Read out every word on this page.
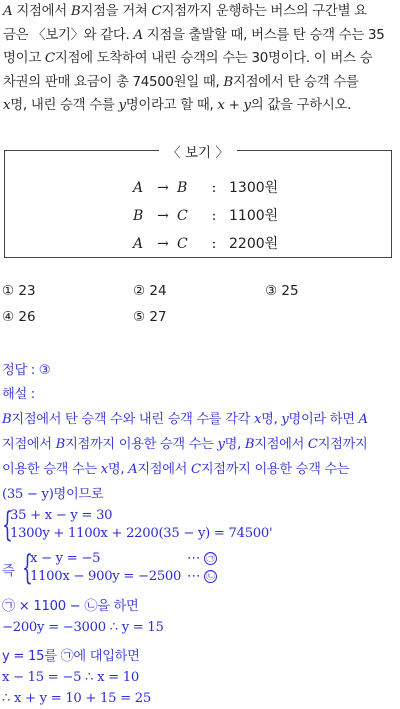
A 지점에서 B지점을 거쳐 C지점까지 운행하는 버스의 구간별 요

금은 〈보기〉와 같다. A 지점을 출발할 때, 버스를 탄 승객 수는 35

명이고 C지점에 도착하여 내린 승객의 수는 30명이다. 이 버스 승

차권의 판매 요금이 총 74500원일 때, B지점에서 탄 승객 수를

x명, 내린 승객 수를 y명이라고 할 때, x + y의 값을 구하시오.

〈 보기 〉
A → B : 1300원
B → C : 1100원
A → C : 2200원
① 23	② 24	③ 25
④ 26	⑤ 27
정답 : ③
해설 :
B지점에서 탄 승객 수와 내린 승객 수를 각각 x명, y명이라 하면 A
지점에서 B지점까지 이용한 승객 수는 y명, B지점에서 C지점까지
이용한 승객 수는 x명, A지점에서 C지점까지 이용한 승객 수는
(35 − y)명이므로
{
35 + x − y = 30
1300y + 1100x + 2200(35 − y) = 74500'
즉 {
x − y = −5	⋯ ㉠
1100x − 900y = −2500 ⋯ ㉡
㉠ × 1100 − ㉡을 하면
−200y = −3000 ∴ y = 15
y = 15를 ㉠에 대입하면
x − 15 = −5 ∴ x = 10
∴ x + y = 10 + 15 = 25
